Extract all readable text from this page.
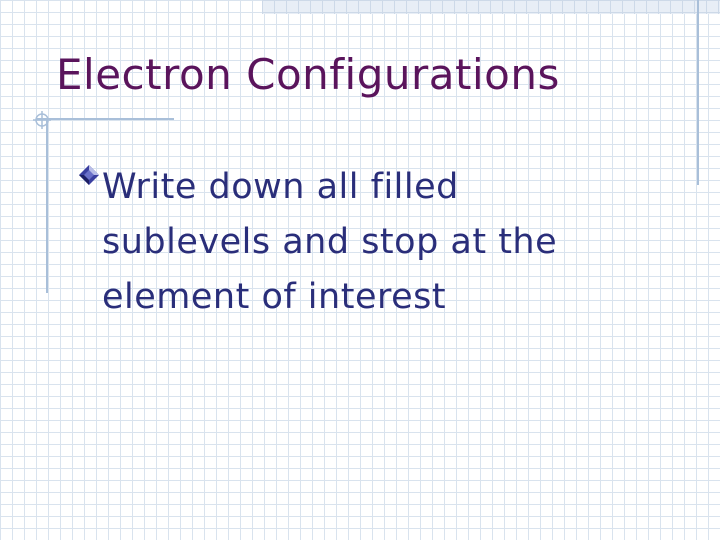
Electron Configurations

Write down all filled
sublevels and stop at the
element of interest
